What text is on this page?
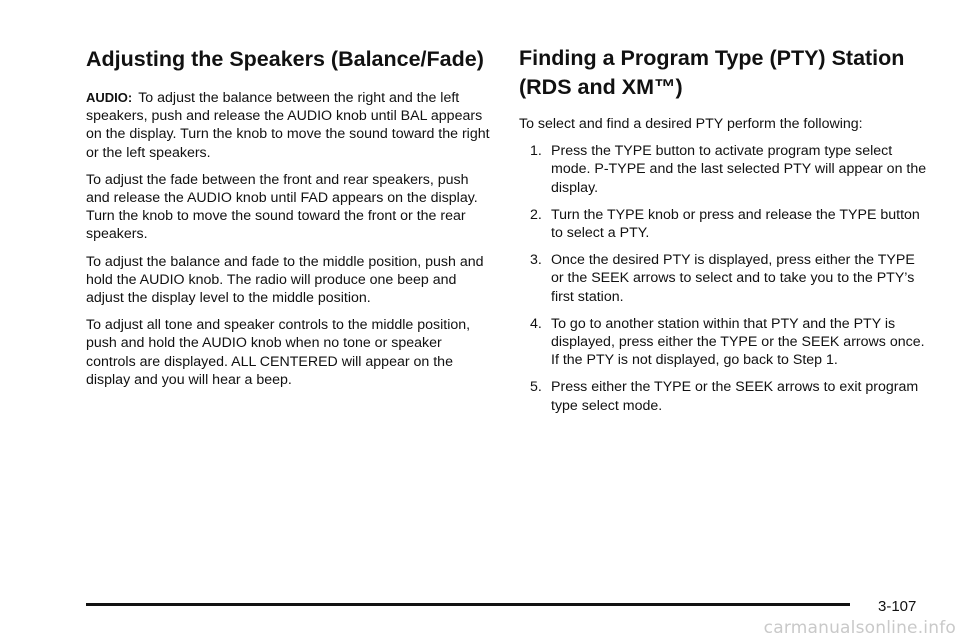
Adjusting the Speakers (Balance/Fade)

AUDIO: To adjust the balance between the right and the left speakers, push and release the AUDIO knob until BAL appears on the display. Turn the knob to move the sound toward the right or the left speakers.

To adjust the fade between the front and rear speakers, push and release the AUDIO knob until FAD appears on the display. Turn the knob to move the sound toward the front or the rear speakers.

To adjust the balance and fade to the middle position, push and hold the AUDIO knob. The radio will produce one beep and adjust the display level to the middle position.

To adjust all tone and speaker controls to the middle position, push and hold the AUDIO knob when no tone or speaker controls are displayed. ALL CENTERED will appear on the display and you will hear a beep.

Finding a Program Type (PTY) Station (RDS and XM™)

To select and find a desired PTY perform the following:

1. Press the TYPE button to activate program type select mode. P-TYPE and the last selected PTY will appear on the display.
2. Turn the TYPE knob or press and release the TYPE button to select a PTY.
3. Once the desired PTY is displayed, press either the TYPE or the SEEK arrows to select and to take you to the PTY’s first station.
4. To go to another station within that PTY and the PTY is displayed, press either the TYPE or the SEEK arrows once. If the PTY is not displayed, go back to Step 1.
5. Press either the TYPE or the SEEK arrows to exit program type select mode.
3-107
carmanualsonline.info
